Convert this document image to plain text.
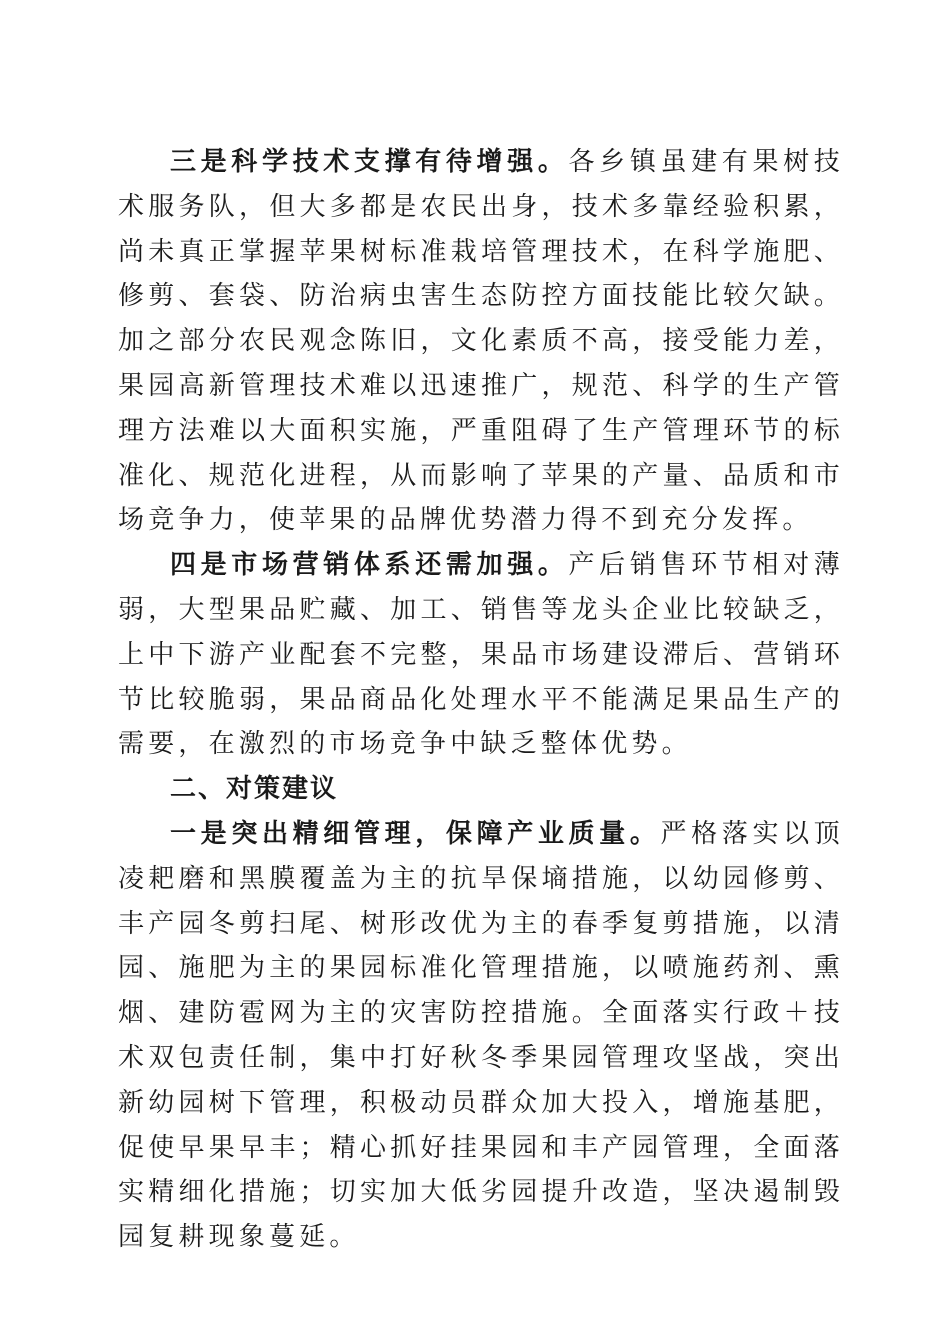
三是科学技术支撑有待增强。各乡镇虽建有果树技术服务队，但大多都是农民出身，技术多靠经验积累，尚未真正掌握苹果树标准栽培管理技术，在科学施肥、修剪、套袋、防治病虫害生态防控方面技能比较欠缺。加之部分农民观念陈旧，文化素质不高，接受能力差，果园高新管理技术难以迅速推广，规范、科学的生产管理方法难以大面积实施，严重阻碍了生产管理环节的标准化、规范化进程，从而影响了苹果的产量、品质和市场竞争力，使苹果的品牌优势潜力得不到充分发挥。

四是市场营销体系还需加强。产后销售环节相对薄弱，大型果品贮藏、加工、销售等龙头企业比较缺乏，上中下游产业配套不完整，果品市场建设滞后、营销环节比较脆弱，果品商品化处理水平不能满足果品生产的需要，在激烈的市场竞争中缺乏整体优势。

二、对策建议

一是突出精细管理，保障产业质量。严格落实以顶凌耙磨和黑膜覆盖为主的抗旱保墒措施，以幼园修剪、丰产园冬剪扫尾、树形改优为主的春季复剪措施，以清园、施肥为主的果园标准化管理措施，以喷施药剂、熏烟、建防雹网为主的灾害防控措施。全面落实行政＋技术双包责任制，集中打好秋冬季果园管理攻坚战，突出新幼园树下管理，积极动员群众加大投入，增施基肥，促使早果早丰；精心抓好挂果园和丰产园管理，全面落实精细化措施；切实加大低劣园提升改造，坚决遏制毁园复耕现象蔓延。
